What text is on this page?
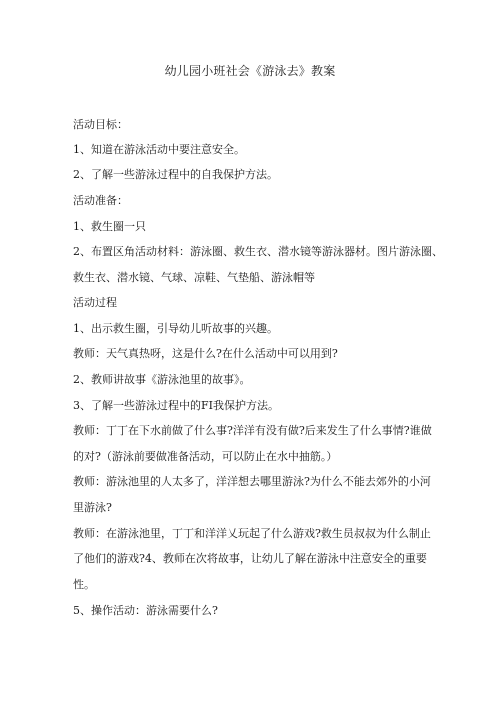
幼儿园小班社会《游泳去》教案
活动目标：
1、知道在游泳活动中要注意安全。
2、了解一些游泳过程中的自我保护方法。
活动准备：
1、救生圈一只
2、布置区角活动材料：游泳圈、救生衣、潜水镜等游泳器材。图片游泳圈、
救生衣、潜水镜、气球、凉鞋、气垫船、游泳帽等
活动过程
1、出示救生圈，引导幼儿听故事的兴趣。
教师：天气真热呀，这是什么?在什么活动中可以用到?
2、教师讲故事《游泳池里的故事》。
3、了解一些游泳过程中的FI我保护方法。
教师：丁丁在下水前做了什么事?洋洋有没有做?后来发生了什么事情?谁做
的对?（游泳前要做准备活动，可以防止在水中抽筋。）
教师：游泳池里的人太多了，洋洋想去哪里游泳?为什么不能去郊外的小河
里游泳?
教师：在游泳池里，丁丁和洋洋乂玩起了什么游戏?救生员叔叔为什么制止
了他们的游戏?4、教师在次将故事，让幼儿了解在游泳中注意安全的重要
性。
5、操作活动：游泳需要什么?
